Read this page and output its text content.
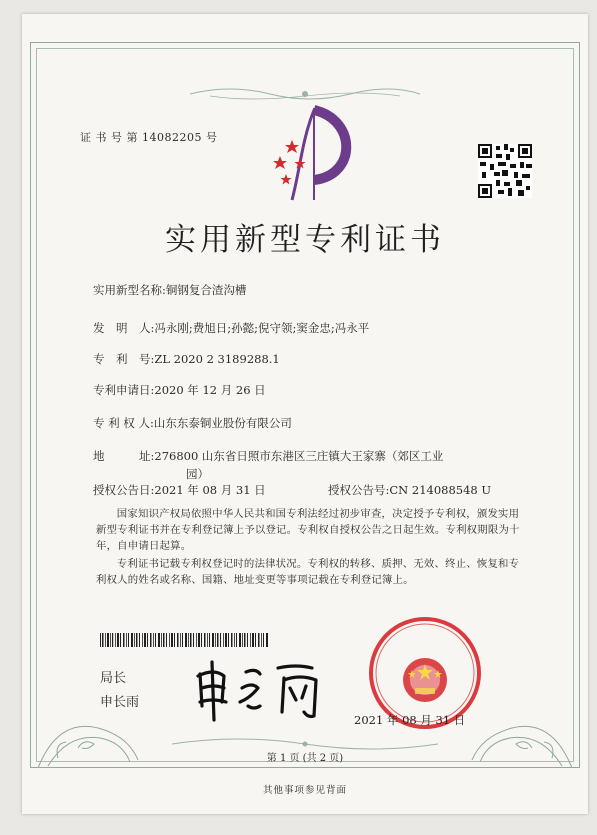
证 书 号 第 14082205 号
实用新型专利证书
实用新型名称:铜钢复合渣沟槽
发　明　人:冯永刚;费旭日;孙懿;倪守领;窦金忠;冯永平
专　利　号:ZL 2020 2 3189288.1
专利申请日:2020 年 12 月 26 日
专 利 权 人:山东东泰铜业股份有限公司
地　　　址:276800 山东省日照市东港区三庄镇大王家寨（郊区工业
园）
授权公告日:2021 年 08 月 31 日	授权公告号:CN 214088548 U
国家知识产权局依照中华人民共和国专利法经过初步审查，决定授予专利权，颁发实用
新型专利证书并在专利登记簿上予以登记。专利权自授权公告之日起生效。专利权期限为十
年，自申请日起算。
专利证书记载专利权登记时的法律状况。专利权的转移、质押、无效、终止、恢复和专
利权人的姓名或名称、国籍、地址变更等事项记载在专利登记簿上。
局长
申长雨
2021 年 08 月 31 日
第 1 页 (共 2 页)
其他事项参见背面
